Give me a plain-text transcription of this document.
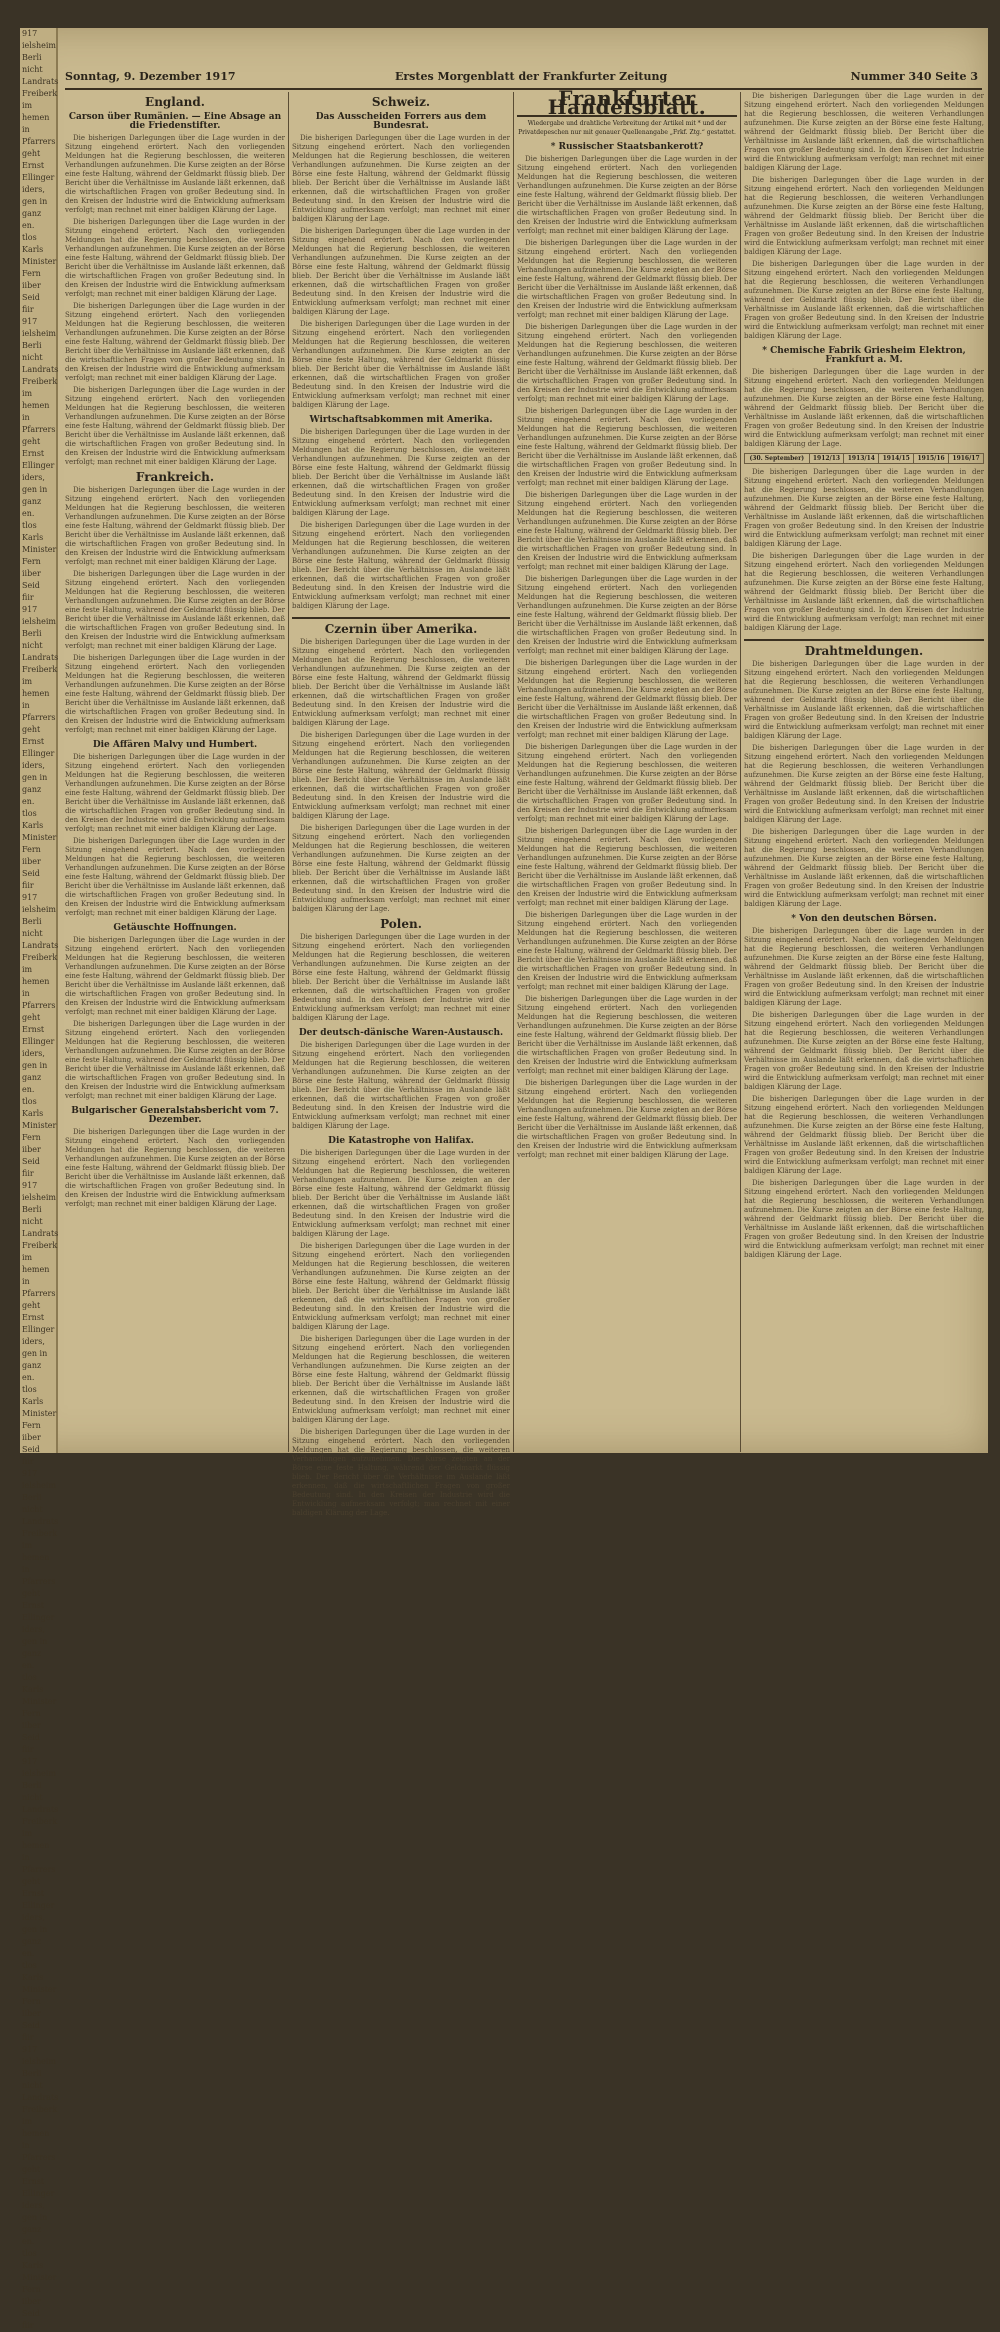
917
ielsheim
Berli
nicht
Landrats
Freiberk
im
hemen
in
Pfarrers
geht
Ernst
Ellinger
iders,
gen in
ganz
en.
tlos
Karls
Minister
Fern
iiber
Seid
fiir
917
ielsheim
Berli
nicht
Landrats
Freiberk
im
hemen
in
Pfarrers
geht
Ernst
Ellinger
iders,
gen in
ganz
en.
tlos
Karls
Minister
Fern
iiber
Seid
fiir
917
ielsheim
Berli
nicht
Landrats
Freiberk
im
hemen
in
Pfarrers
geht
Ernst
Ellinger
iders,
gen in
ganz
en.
tlos
Karls
Minister
Fern
iiber
Seid
fiir
917
ielsheim
Berli
nicht
Landrats
Freiberk
im
hemen
in
Pfarrers
geht
Ernst
Ellinger
iders,
gen in
ganz
en.
tlos
Karls
Minister
Fern
iiber
Seid
fiir
917
ielsheim
Berli
nicht
Landrats
Freiberk
im
hemen
in
Pfarrers
geht
Ernst
Ellinger
iders,
gen in
ganz
en.
tlos
Karls
Minister
Fern
iiber
Seid
fiir
917
ielsheim
Berli
nicht
Landrats
Freiberk
im
hemen
in
Pfarrers
geht
Ernst
Ellinger
iders,
gen in
ganz
en.
tlos
Karls
Minister
Fern
iiber
Seid
fiir
917
ielsheim
Berli
nicht
Landrats
Freiberk
im
hemen
in
Pfarrers
geht
Ernst
Ellinger
iders,
gen in
ganz
en.
tlos
Karls
Minister
Fern
iiber
Seid
fiir
917
ielsheim
Berli
nicht
Landrats
Freiberk
im
hemen
in
Pfarrers
geht
Ernst
Ellinger
iders,
gen in
ganz
en.
tlos
Karls
Minister
Fern
iiber
Seid
fiir
Sonntag, 9. Dezember 1917	Erstes Morgenblatt der Frankfurter Zeitung	Nummer 340 Seite 3
England.
Carson über Rumänien. — Eine Absage an die Friedenstifter.

Die bisherigen Darlegungen über die Lage wurden in der Sitzung eingehend erörtert. Nach den vorliegenden Meldungen hat die Regierung beschlossen, die weiteren Verhandlungen aufzunehmen. Die Kurse zeigten an der Börse eine feste Haltung, während der Geldmarkt flüssig blieb. Der Bericht über die Verhältnisse im Auslande läßt erkennen, daß die wirtschaftlichen Fragen von großer Bedeutung sind. In den Kreisen der Industrie wird die Entwicklung aufmerksam verfolgt; man rechnet mit einer baldigen Klärung der Lage.

Die bisherigen Darlegungen über die Lage wurden in der Sitzung eingehend erörtert. Nach den vorliegenden Meldungen hat die Regierung beschlossen, die weiteren Verhandlungen aufzunehmen. Die Kurse zeigten an der Börse eine feste Haltung, während der Geldmarkt flüssig blieb. Der Bericht über die Verhältnisse im Auslande läßt erkennen, daß die wirtschaftlichen Fragen von großer Bedeutung sind. In den Kreisen der Industrie wird die Entwicklung aufmerksam verfolgt; man rechnet mit einer baldigen Klärung der Lage.

Die bisherigen Darlegungen über die Lage wurden in der Sitzung eingehend erörtert. Nach den vorliegenden Meldungen hat die Regierung beschlossen, die weiteren Verhandlungen aufzunehmen. Die Kurse zeigten an der Börse eine feste Haltung, während der Geldmarkt flüssig blieb. Der Bericht über die Verhältnisse im Auslande läßt erkennen, daß die wirtschaftlichen Fragen von großer Bedeutung sind. In den Kreisen der Industrie wird die Entwicklung aufmerksam verfolgt; man rechnet mit einer baldigen Klärung der Lage.

Die bisherigen Darlegungen über die Lage wurden in der Sitzung eingehend erörtert. Nach den vorliegenden Meldungen hat die Regierung beschlossen, die weiteren Verhandlungen aufzunehmen. Die Kurse zeigten an der Börse eine feste Haltung, während der Geldmarkt flüssig blieb. Der Bericht über die Verhältnisse im Auslande läßt erkennen, daß die wirtschaftlichen Fragen von großer Bedeutung sind. In den Kreisen der Industrie wird die Entwicklung aufmerksam verfolgt; man rechnet mit einer baldigen Klärung der Lage.

Frankreich.

Die bisherigen Darlegungen über die Lage wurden in der Sitzung eingehend erörtert. Nach den vorliegenden Meldungen hat die Regierung beschlossen, die weiteren Verhandlungen aufzunehmen. Die Kurse zeigten an der Börse eine feste Haltung, während der Geldmarkt flüssig blieb. Der Bericht über die Verhältnisse im Auslande läßt erkennen, daß die wirtschaftlichen Fragen von großer Bedeutung sind. In den Kreisen der Industrie wird die Entwicklung aufmerksam verfolgt; man rechnet mit einer baldigen Klärung der Lage.

Die bisherigen Darlegungen über die Lage wurden in der Sitzung eingehend erörtert. Nach den vorliegenden Meldungen hat die Regierung beschlossen, die weiteren Verhandlungen aufzunehmen. Die Kurse zeigten an der Börse eine feste Haltung, während der Geldmarkt flüssig blieb. Der Bericht über die Verhältnisse im Auslande läßt erkennen, daß die wirtschaftlichen Fragen von großer Bedeutung sind. In den Kreisen der Industrie wird die Entwicklung aufmerksam verfolgt; man rechnet mit einer baldigen Klärung der Lage.

Die bisherigen Darlegungen über die Lage wurden in der Sitzung eingehend erörtert. Nach den vorliegenden Meldungen hat die Regierung beschlossen, die weiteren Verhandlungen aufzunehmen. Die Kurse zeigten an der Börse eine feste Haltung, während der Geldmarkt flüssig blieb. Der Bericht über die Verhältnisse im Auslande läßt erkennen, daß die wirtschaftlichen Fragen von großer Bedeutung sind. In den Kreisen der Industrie wird die Entwicklung aufmerksam verfolgt; man rechnet mit einer baldigen Klärung der Lage.

Die Affären Malvy und Humbert.

Die bisherigen Darlegungen über die Lage wurden in der Sitzung eingehend erörtert. Nach den vorliegenden Meldungen hat die Regierung beschlossen, die weiteren Verhandlungen aufzunehmen. Die Kurse zeigten an der Börse eine feste Haltung, während der Geldmarkt flüssig blieb. Der Bericht über die Verhältnisse im Auslande läßt erkennen, daß die wirtschaftlichen Fragen von großer Bedeutung sind. In den Kreisen der Industrie wird die Entwicklung aufmerksam verfolgt; man rechnet mit einer baldigen Klärung der Lage.

Die bisherigen Darlegungen über die Lage wurden in der Sitzung eingehend erörtert. Nach den vorliegenden Meldungen hat die Regierung beschlossen, die weiteren Verhandlungen aufzunehmen. Die Kurse zeigten an der Börse eine feste Haltung, während der Geldmarkt flüssig blieb. Der Bericht über die Verhältnisse im Auslande läßt erkennen, daß die wirtschaftlichen Fragen von großer Bedeutung sind. In den Kreisen der Industrie wird die Entwicklung aufmerksam verfolgt; man rechnet mit einer baldigen Klärung der Lage.

Getäuschte Hoffnungen.

Die bisherigen Darlegungen über die Lage wurden in der Sitzung eingehend erörtert. Nach den vorliegenden Meldungen hat die Regierung beschlossen, die weiteren Verhandlungen aufzunehmen. Die Kurse zeigten an der Börse eine feste Haltung, während der Geldmarkt flüssig blieb. Der Bericht über die Verhältnisse im Auslande läßt erkennen, daß die wirtschaftlichen Fragen von großer Bedeutung sind. In den Kreisen der Industrie wird die Entwicklung aufmerksam verfolgt; man rechnet mit einer baldigen Klärung der Lage.

Die bisherigen Darlegungen über die Lage wurden in der Sitzung eingehend erörtert. Nach den vorliegenden Meldungen hat die Regierung beschlossen, die weiteren Verhandlungen aufzunehmen. Die Kurse zeigten an der Börse eine feste Haltung, während der Geldmarkt flüssig blieb. Der Bericht über die Verhältnisse im Auslande läßt erkennen, daß die wirtschaftlichen Fragen von großer Bedeutung sind. In den Kreisen der Industrie wird die Entwicklung aufmerksam verfolgt; man rechnet mit einer baldigen Klärung der Lage.

Bulgarischer Generalstabsbericht vom 7. Dezember.

Die bisherigen Darlegungen über die Lage wurden in der Sitzung eingehend erörtert. Nach den vorliegenden Meldungen hat die Regierung beschlossen, die weiteren Verhandlungen aufzunehmen. Die Kurse zeigten an der Börse eine feste Haltung, während der Geldmarkt flüssig blieb. Der Bericht über die Verhältnisse im Auslande läßt erkennen, daß die wirtschaftlichen Fragen von großer Bedeutung sind. In den Kreisen der Industrie wird die Entwicklung aufmerksam verfolgt; man rechnet mit einer baldigen Klärung der Lage.

Schweiz.
Das Ausscheiden Forrers aus dem Bundesrat.

Die bisherigen Darlegungen über die Lage wurden in der Sitzung eingehend erörtert. Nach den vorliegenden Meldungen hat die Regierung beschlossen, die weiteren Verhandlungen aufzunehmen. Die Kurse zeigten an der Börse eine feste Haltung, während der Geldmarkt flüssig blieb. Der Bericht über die Verhältnisse im Auslande läßt erkennen, daß die wirtschaftlichen Fragen von großer Bedeutung sind. In den Kreisen der Industrie wird die Entwicklung aufmerksam verfolgt; man rechnet mit einer baldigen Klärung der Lage.

Die bisherigen Darlegungen über die Lage wurden in der Sitzung eingehend erörtert. Nach den vorliegenden Meldungen hat die Regierung beschlossen, die weiteren Verhandlungen aufzunehmen. Die Kurse zeigten an der Börse eine feste Haltung, während der Geldmarkt flüssig blieb. Der Bericht über die Verhältnisse im Auslande läßt erkennen, daß die wirtschaftlichen Fragen von großer Bedeutung sind. In den Kreisen der Industrie wird die Entwicklung aufmerksam verfolgt; man rechnet mit einer baldigen Klärung der Lage.

Die bisherigen Darlegungen über die Lage wurden in der Sitzung eingehend erörtert. Nach den vorliegenden Meldungen hat die Regierung beschlossen, die weiteren Verhandlungen aufzunehmen. Die Kurse zeigten an der Börse eine feste Haltung, während der Geldmarkt flüssig blieb. Der Bericht über die Verhältnisse im Auslande läßt erkennen, daß die wirtschaftlichen Fragen von großer Bedeutung sind. In den Kreisen der Industrie wird die Entwicklung aufmerksam verfolgt; man rechnet mit einer baldigen Klärung der Lage.

Wirtschaftsabkommen mit Amerika.

Die bisherigen Darlegungen über die Lage wurden in der Sitzung eingehend erörtert. Nach den vorliegenden Meldungen hat die Regierung beschlossen, die weiteren Verhandlungen aufzunehmen. Die Kurse zeigten an der Börse eine feste Haltung, während der Geldmarkt flüssig blieb. Der Bericht über die Verhältnisse im Auslande läßt erkennen, daß die wirtschaftlichen Fragen von großer Bedeutung sind. In den Kreisen der Industrie wird die Entwicklung aufmerksam verfolgt; man rechnet mit einer baldigen Klärung der Lage.

Die bisherigen Darlegungen über die Lage wurden in der Sitzung eingehend erörtert. Nach den vorliegenden Meldungen hat die Regierung beschlossen, die weiteren Verhandlungen aufzunehmen. Die Kurse zeigten an der Börse eine feste Haltung, während der Geldmarkt flüssig blieb. Der Bericht über die Verhältnisse im Auslande läßt erkennen, daß die wirtschaftlichen Fragen von großer Bedeutung sind. In den Kreisen der Industrie wird die Entwicklung aufmerksam verfolgt; man rechnet mit einer baldigen Klärung der Lage.

Czernin über Amerika.

Die bisherigen Darlegungen über die Lage wurden in der Sitzung eingehend erörtert. Nach den vorliegenden Meldungen hat die Regierung beschlossen, die weiteren Verhandlungen aufzunehmen. Die Kurse zeigten an der Börse eine feste Haltung, während der Geldmarkt flüssig blieb. Der Bericht über die Verhältnisse im Auslande läßt erkennen, daß die wirtschaftlichen Fragen von großer Bedeutung sind. In den Kreisen der Industrie wird die Entwicklung aufmerksam verfolgt; man rechnet mit einer baldigen Klärung der Lage.

Die bisherigen Darlegungen über die Lage wurden in der Sitzung eingehend erörtert. Nach den vorliegenden Meldungen hat die Regierung beschlossen, die weiteren Verhandlungen aufzunehmen. Die Kurse zeigten an der Börse eine feste Haltung, während der Geldmarkt flüssig blieb. Der Bericht über die Verhältnisse im Auslande läßt erkennen, daß die wirtschaftlichen Fragen von großer Bedeutung sind. In den Kreisen der Industrie wird die Entwicklung aufmerksam verfolgt; man rechnet mit einer baldigen Klärung der Lage.

Die bisherigen Darlegungen über die Lage wurden in der Sitzung eingehend erörtert. Nach den vorliegenden Meldungen hat die Regierung beschlossen, die weiteren Verhandlungen aufzunehmen. Die Kurse zeigten an der Börse eine feste Haltung, während der Geldmarkt flüssig blieb. Der Bericht über die Verhältnisse im Auslande läßt erkennen, daß die wirtschaftlichen Fragen von großer Bedeutung sind. In den Kreisen der Industrie wird die Entwicklung aufmerksam verfolgt; man rechnet mit einer baldigen Klärung der Lage.

Polen.

Die bisherigen Darlegungen über die Lage wurden in der Sitzung eingehend erörtert. Nach den vorliegenden Meldungen hat die Regierung beschlossen, die weiteren Verhandlungen aufzunehmen. Die Kurse zeigten an der Börse eine feste Haltung, während der Geldmarkt flüssig blieb. Der Bericht über die Verhältnisse im Auslande läßt erkennen, daß die wirtschaftlichen Fragen von großer Bedeutung sind. In den Kreisen der Industrie wird die Entwicklung aufmerksam verfolgt; man rechnet mit einer baldigen Klärung der Lage.

Der deutsch-dänische Waren-Austausch.

Die bisherigen Darlegungen über die Lage wurden in der Sitzung eingehend erörtert. Nach den vorliegenden Meldungen hat die Regierung beschlossen, die weiteren Verhandlungen aufzunehmen. Die Kurse zeigten an der Börse eine feste Haltung, während der Geldmarkt flüssig blieb. Der Bericht über die Verhältnisse im Auslande läßt erkennen, daß die wirtschaftlichen Fragen von großer Bedeutung sind. In den Kreisen der Industrie wird die Entwicklung aufmerksam verfolgt; man rechnet mit einer baldigen Klärung der Lage.

Die Katastrophe von Halifax.

Die bisherigen Darlegungen über die Lage wurden in der Sitzung eingehend erörtert. Nach den vorliegenden Meldungen hat die Regierung beschlossen, die weiteren Verhandlungen aufzunehmen. Die Kurse zeigten an der Börse eine feste Haltung, während der Geldmarkt flüssig blieb. Der Bericht über die Verhältnisse im Auslande läßt erkennen, daß die wirtschaftlichen Fragen von großer Bedeutung sind. In den Kreisen der Industrie wird die Entwicklung aufmerksam verfolgt; man rechnet mit einer baldigen Klärung der Lage.

Die bisherigen Darlegungen über die Lage wurden in der Sitzung eingehend erörtert. Nach den vorliegenden Meldungen hat die Regierung beschlossen, die weiteren Verhandlungen aufzunehmen. Die Kurse zeigten an der Börse eine feste Haltung, während der Geldmarkt flüssig blieb. Der Bericht über die Verhältnisse im Auslande läßt erkennen, daß die wirtschaftlichen Fragen von großer Bedeutung sind. In den Kreisen der Industrie wird die Entwicklung aufmerksam verfolgt; man rechnet mit einer baldigen Klärung der Lage.

Die bisherigen Darlegungen über die Lage wurden in der Sitzung eingehend erörtert. Nach den vorliegenden Meldungen hat die Regierung beschlossen, die weiteren Verhandlungen aufzunehmen. Die Kurse zeigten an der Börse eine feste Haltung, während der Geldmarkt flüssig blieb. Der Bericht über die Verhältnisse im Auslande läßt erkennen, daß die wirtschaftlichen Fragen von großer Bedeutung sind. In den Kreisen der Industrie wird die Entwicklung aufmerksam verfolgt; man rechnet mit einer baldigen Klärung der Lage.

Die bisherigen Darlegungen über die Lage wurden in der Sitzung eingehend erörtert. Nach den vorliegenden Meldungen hat die Regierung beschlossen, die weiteren Verhandlungen aufzunehmen. Die Kurse zeigten an der Börse eine feste Haltung, während der Geldmarkt flüssig blieb. Der Bericht über die Verhältnisse im Auslande läßt erkennen, daß die wirtschaftlichen Fragen von großer Bedeutung sind. In den Kreisen der Industrie wird die Entwicklung aufmerksam verfolgt; man rechnet mit einer baldigen Klärung der Lage.

Frankfurter Handelsblatt.
Wiedergabe und drahtliche Verbreitung der Artikel mit * und der Privatdepeschen nur mit genauer Quellenangabe „Frkf. Ztg.“ gestattet.
* Russischer Staatsbankerott?

Die bisherigen Darlegungen über die Lage wurden in der Sitzung eingehend erörtert. Nach den vorliegenden Meldungen hat die Regierung beschlossen, die weiteren Verhandlungen aufzunehmen. Die Kurse zeigten an der Börse eine feste Haltung, während der Geldmarkt flüssig blieb. Der Bericht über die Verhältnisse im Auslande läßt erkennen, daß die wirtschaftlichen Fragen von großer Bedeutung sind. In den Kreisen der Industrie wird die Entwicklung aufmerksam verfolgt; man rechnet mit einer baldigen Klärung der Lage.

Die bisherigen Darlegungen über die Lage wurden in der Sitzung eingehend erörtert. Nach den vorliegenden Meldungen hat die Regierung beschlossen, die weiteren Verhandlungen aufzunehmen. Die Kurse zeigten an der Börse eine feste Haltung, während der Geldmarkt flüssig blieb. Der Bericht über die Verhältnisse im Auslande läßt erkennen, daß die wirtschaftlichen Fragen von großer Bedeutung sind. In den Kreisen der Industrie wird die Entwicklung aufmerksam verfolgt; man rechnet mit einer baldigen Klärung der Lage.

Die bisherigen Darlegungen über die Lage wurden in der Sitzung eingehend erörtert. Nach den vorliegenden Meldungen hat die Regierung beschlossen, die weiteren Verhandlungen aufzunehmen. Die Kurse zeigten an der Börse eine feste Haltung, während der Geldmarkt flüssig blieb. Der Bericht über die Verhältnisse im Auslande läßt erkennen, daß die wirtschaftlichen Fragen von großer Bedeutung sind. In den Kreisen der Industrie wird die Entwicklung aufmerksam verfolgt; man rechnet mit einer baldigen Klärung der Lage.

Die bisherigen Darlegungen über die Lage wurden in der Sitzung eingehend erörtert. Nach den vorliegenden Meldungen hat die Regierung beschlossen, die weiteren Verhandlungen aufzunehmen. Die Kurse zeigten an der Börse eine feste Haltung, während der Geldmarkt flüssig blieb. Der Bericht über die Verhältnisse im Auslande läßt erkennen, daß die wirtschaftlichen Fragen von großer Bedeutung sind. In den Kreisen der Industrie wird die Entwicklung aufmerksam verfolgt; man rechnet mit einer baldigen Klärung der Lage.

Die bisherigen Darlegungen über die Lage wurden in der Sitzung eingehend erörtert. Nach den vorliegenden Meldungen hat die Regierung beschlossen, die weiteren Verhandlungen aufzunehmen. Die Kurse zeigten an der Börse eine feste Haltung, während der Geldmarkt flüssig blieb. Der Bericht über die Verhältnisse im Auslande läßt erkennen, daß die wirtschaftlichen Fragen von großer Bedeutung sind. In den Kreisen der Industrie wird die Entwicklung aufmerksam verfolgt; man rechnet mit einer baldigen Klärung der Lage.

Die bisherigen Darlegungen über die Lage wurden in der Sitzung eingehend erörtert. Nach den vorliegenden Meldungen hat die Regierung beschlossen, die weiteren Verhandlungen aufzunehmen. Die Kurse zeigten an der Börse eine feste Haltung, während der Geldmarkt flüssig blieb. Der Bericht über die Verhältnisse im Auslande läßt erkennen, daß die wirtschaftlichen Fragen von großer Bedeutung sind. In den Kreisen der Industrie wird die Entwicklung aufmerksam verfolgt; man rechnet mit einer baldigen Klärung der Lage.

Die bisherigen Darlegungen über die Lage wurden in der Sitzung eingehend erörtert. Nach den vorliegenden Meldungen hat die Regierung beschlossen, die weiteren Verhandlungen aufzunehmen. Die Kurse zeigten an der Börse eine feste Haltung, während der Geldmarkt flüssig blieb. Der Bericht über die Verhältnisse im Auslande läßt erkennen, daß die wirtschaftlichen Fragen von großer Bedeutung sind. In den Kreisen der Industrie wird die Entwicklung aufmerksam verfolgt; man rechnet mit einer baldigen Klärung der Lage.

Die bisherigen Darlegungen über die Lage wurden in der Sitzung eingehend erörtert. Nach den vorliegenden Meldungen hat die Regierung beschlossen, die weiteren Verhandlungen aufzunehmen. Die Kurse zeigten an der Börse eine feste Haltung, während der Geldmarkt flüssig blieb. Der Bericht über die Verhältnisse im Auslande läßt erkennen, daß die wirtschaftlichen Fragen von großer Bedeutung sind. In den Kreisen der Industrie wird die Entwicklung aufmerksam verfolgt; man rechnet mit einer baldigen Klärung der Lage.

Die bisherigen Darlegungen über die Lage wurden in der Sitzung eingehend erörtert. Nach den vorliegenden Meldungen hat die Regierung beschlossen, die weiteren Verhandlungen aufzunehmen. Die Kurse zeigten an der Börse eine feste Haltung, während der Geldmarkt flüssig blieb. Der Bericht über die Verhältnisse im Auslande läßt erkennen, daß die wirtschaftlichen Fragen von großer Bedeutung sind. In den Kreisen der Industrie wird die Entwicklung aufmerksam verfolgt; man rechnet mit einer baldigen Klärung der Lage.

Die bisherigen Darlegungen über die Lage wurden in der Sitzung eingehend erörtert. Nach den vorliegenden Meldungen hat die Regierung beschlossen, die weiteren Verhandlungen aufzunehmen. Die Kurse zeigten an der Börse eine feste Haltung, während der Geldmarkt flüssig blieb. Der Bericht über die Verhältnisse im Auslande läßt erkennen, daß die wirtschaftlichen Fragen von großer Bedeutung sind. In den Kreisen der Industrie wird die Entwicklung aufmerksam verfolgt; man rechnet mit einer baldigen Klärung der Lage.

Die bisherigen Darlegungen über die Lage wurden in der Sitzung eingehend erörtert. Nach den vorliegenden Meldungen hat die Regierung beschlossen, die weiteren Verhandlungen aufzunehmen. Die Kurse zeigten an der Börse eine feste Haltung, während der Geldmarkt flüssig blieb. Der Bericht über die Verhältnisse im Auslande läßt erkennen, daß die wirtschaftlichen Fragen von großer Bedeutung sind. In den Kreisen der Industrie wird die Entwicklung aufmerksam verfolgt; man rechnet mit einer baldigen Klärung der Lage.

Die bisherigen Darlegungen über die Lage wurden in der Sitzung eingehend erörtert. Nach den vorliegenden Meldungen hat die Regierung beschlossen, die weiteren Verhandlungen aufzunehmen. Die Kurse zeigten an der Börse eine feste Haltung, während der Geldmarkt flüssig blieb. Der Bericht über die Verhältnisse im Auslande läßt erkennen, daß die wirtschaftlichen Fragen von großer Bedeutung sind. In den Kreisen der Industrie wird die Entwicklung aufmerksam verfolgt; man rechnet mit einer baldigen Klärung der Lage.

Die bisherigen Darlegungen über die Lage wurden in der Sitzung eingehend erörtert. Nach den vorliegenden Meldungen hat die Regierung beschlossen, die weiteren Verhandlungen aufzunehmen. Die Kurse zeigten an der Börse eine feste Haltung, während der Geldmarkt flüssig blieb. Der Bericht über die Verhältnisse im Auslande läßt erkennen, daß die wirtschaftlichen Fragen von großer Bedeutung sind. In den Kreisen der Industrie wird die Entwicklung aufmerksam verfolgt; man rechnet mit einer baldigen Klärung der Lage.

Die bisherigen Darlegungen über die Lage wurden in der Sitzung eingehend erörtert. Nach den vorliegenden Meldungen hat die Regierung beschlossen, die weiteren Verhandlungen aufzunehmen. Die Kurse zeigten an der Börse eine feste Haltung, während der Geldmarkt flüssig blieb. Der Bericht über die Verhältnisse im Auslande läßt erkennen, daß die wirtschaftlichen Fragen von großer Bedeutung sind. In den Kreisen der Industrie wird die Entwicklung aufmerksam verfolgt; man rechnet mit einer baldigen Klärung der Lage.

Die bisherigen Darlegungen über die Lage wurden in der Sitzung eingehend erörtert. Nach den vorliegenden Meldungen hat die Regierung beschlossen, die weiteren Verhandlungen aufzunehmen. Die Kurse zeigten an der Börse eine feste Haltung, während der Geldmarkt flüssig blieb. Der Bericht über die Verhältnisse im Auslande läßt erkennen, daß die wirtschaftlichen Fragen von großer Bedeutung sind. In den Kreisen der Industrie wird die Entwicklung aufmerksam verfolgt; man rechnet mit einer baldigen Klärung der Lage.

* Chemische Fabrik Griesheim Elektron, Frankfurt a. M.

Die bisherigen Darlegungen über die Lage wurden in der Sitzung eingehend erörtert. Nach den vorliegenden Meldungen hat die Regierung beschlossen, die weiteren Verhandlungen aufzunehmen. Die Kurse zeigten an der Börse eine feste Haltung, während der Geldmarkt flüssig blieb. Der Bericht über die Verhältnisse im Auslande läßt erkennen, daß die wirtschaftlichen Fragen von großer Bedeutung sind. In den Kreisen der Industrie wird die Entwicklung aufmerksam verfolgt; man rechnet mit einer baldigen Klärung der Lage.

(30. September)	1912/13	1913/14	1914/15	1915/16	1916/17

Die bisherigen Darlegungen über die Lage wurden in der Sitzung eingehend erörtert. Nach den vorliegenden Meldungen hat die Regierung beschlossen, die weiteren Verhandlungen aufzunehmen. Die Kurse zeigten an der Börse eine feste Haltung, während der Geldmarkt flüssig blieb. Der Bericht über die Verhältnisse im Auslande läßt erkennen, daß die wirtschaftlichen Fragen von großer Bedeutung sind. In den Kreisen der Industrie wird die Entwicklung aufmerksam verfolgt; man rechnet mit einer baldigen Klärung der Lage.

Die bisherigen Darlegungen über die Lage wurden in der Sitzung eingehend erörtert. Nach den vorliegenden Meldungen hat die Regierung beschlossen, die weiteren Verhandlungen aufzunehmen. Die Kurse zeigten an der Börse eine feste Haltung, während der Geldmarkt flüssig blieb. Der Bericht über die Verhältnisse im Auslande läßt erkennen, daß die wirtschaftlichen Fragen von großer Bedeutung sind. In den Kreisen der Industrie wird die Entwicklung aufmerksam verfolgt; man rechnet mit einer baldigen Klärung der Lage.

Drahtmeldungen.

Die bisherigen Darlegungen über die Lage wurden in der Sitzung eingehend erörtert. Nach den vorliegenden Meldungen hat die Regierung beschlossen, die weiteren Verhandlungen aufzunehmen. Die Kurse zeigten an der Börse eine feste Haltung, während der Geldmarkt flüssig blieb. Der Bericht über die Verhältnisse im Auslande läßt erkennen, daß die wirtschaftlichen Fragen von großer Bedeutung sind. In den Kreisen der Industrie wird die Entwicklung aufmerksam verfolgt; man rechnet mit einer baldigen Klärung der Lage.

Die bisherigen Darlegungen über die Lage wurden in der Sitzung eingehend erörtert. Nach den vorliegenden Meldungen hat die Regierung beschlossen, die weiteren Verhandlungen aufzunehmen. Die Kurse zeigten an der Börse eine feste Haltung, während der Geldmarkt flüssig blieb. Der Bericht über die Verhältnisse im Auslande läßt erkennen, daß die wirtschaftlichen Fragen von großer Bedeutung sind. In den Kreisen der Industrie wird die Entwicklung aufmerksam verfolgt; man rechnet mit einer baldigen Klärung der Lage.

Die bisherigen Darlegungen über die Lage wurden in der Sitzung eingehend erörtert. Nach den vorliegenden Meldungen hat die Regierung beschlossen, die weiteren Verhandlungen aufzunehmen. Die Kurse zeigten an der Börse eine feste Haltung, während der Geldmarkt flüssig blieb. Der Bericht über die Verhältnisse im Auslande läßt erkennen, daß die wirtschaftlichen Fragen von großer Bedeutung sind. In den Kreisen der Industrie wird die Entwicklung aufmerksam verfolgt; man rechnet mit einer baldigen Klärung der Lage.

* Von den deutschen Börsen.

Die bisherigen Darlegungen über die Lage wurden in der Sitzung eingehend erörtert. Nach den vorliegenden Meldungen hat die Regierung beschlossen, die weiteren Verhandlungen aufzunehmen. Die Kurse zeigten an der Börse eine feste Haltung, während der Geldmarkt flüssig blieb. Der Bericht über die Verhältnisse im Auslande läßt erkennen, daß die wirtschaftlichen Fragen von großer Bedeutung sind. In den Kreisen der Industrie wird die Entwicklung aufmerksam verfolgt; man rechnet mit einer baldigen Klärung der Lage.

Die bisherigen Darlegungen über die Lage wurden in der Sitzung eingehend erörtert. Nach den vorliegenden Meldungen hat die Regierung beschlossen, die weiteren Verhandlungen aufzunehmen. Die Kurse zeigten an der Börse eine feste Haltung, während der Geldmarkt flüssig blieb. Der Bericht über die Verhältnisse im Auslande läßt erkennen, daß die wirtschaftlichen Fragen von großer Bedeutung sind. In den Kreisen der Industrie wird die Entwicklung aufmerksam verfolgt; man rechnet mit einer baldigen Klärung der Lage.

Die bisherigen Darlegungen über die Lage wurden in der Sitzung eingehend erörtert. Nach den vorliegenden Meldungen hat die Regierung beschlossen, die weiteren Verhandlungen aufzunehmen. Die Kurse zeigten an der Börse eine feste Haltung, während der Geldmarkt flüssig blieb. Der Bericht über die Verhältnisse im Auslande läßt erkennen, daß die wirtschaftlichen Fragen von großer Bedeutung sind. In den Kreisen der Industrie wird die Entwicklung aufmerksam verfolgt; man rechnet mit einer baldigen Klärung der Lage.

Die bisherigen Darlegungen über die Lage wurden in der Sitzung eingehend erörtert. Nach den vorliegenden Meldungen hat die Regierung beschlossen, die weiteren Verhandlungen aufzunehmen. Die Kurse zeigten an der Börse eine feste Haltung, während der Geldmarkt flüssig blieb. Der Bericht über die Verhältnisse im Auslande läßt erkennen, daß die wirtschaftlichen Fragen von großer Bedeutung sind. In den Kreisen der Industrie wird die Entwicklung aufmerksam verfolgt; man rechnet mit einer baldigen Klärung der Lage.
